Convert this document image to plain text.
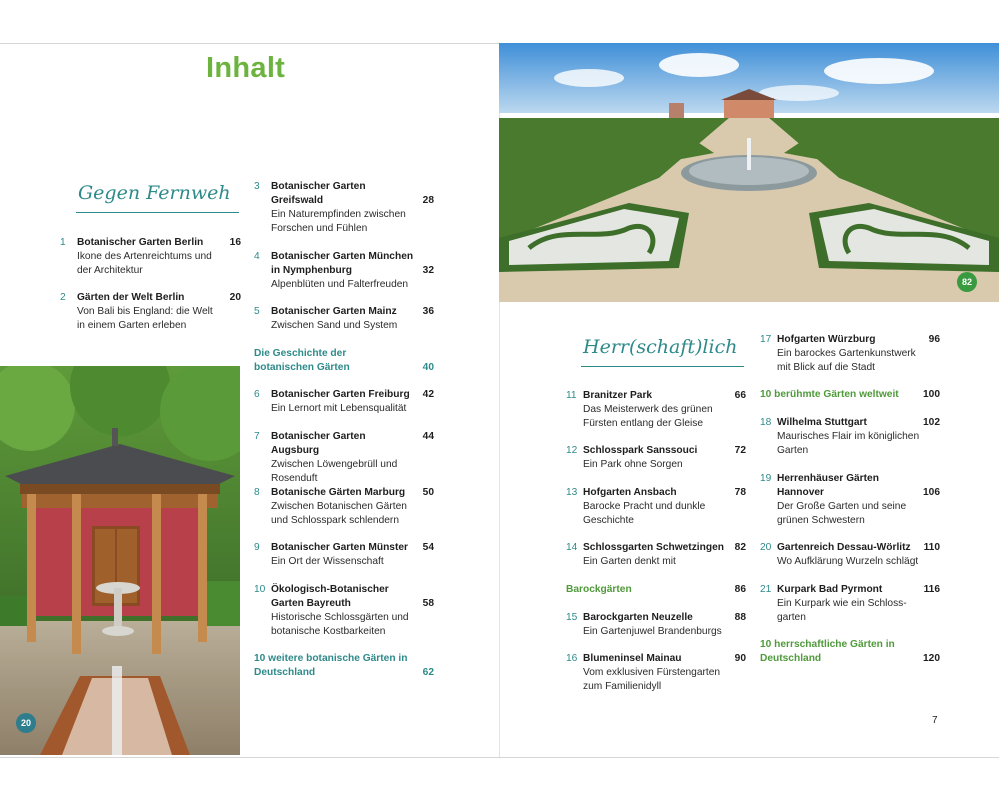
Inhalt

Gegen Fernweh

Herr(schaft)lich

1 Botanischer Garten Berlin
Ikone des Artenreichtums und
der Architektur
16
2 Gärten der Welt Berlin
Von Bali bis England: die Welt
in einem Garten erleben
20
3 Botanischer Garten
Greifswald
Ein Naturempfinden zwischen
Forschen und Fühlen
28
4 Botanischer Garten München
in Nymphenburg
Alpenblüten und Falterfreuden
32
5 Botanischer Garten Mainz
Zwischen Sand und System
36
Die Geschichte der
botanischen Gärten	40
6 Botanischer Garten Freiburg
Ein Lernort mit Lebensqualität
42
7 Botanischer Garten Augsburg
Zwischen Löwengebrüll und
Rosenduft
44
8 Botanische Gärten Marburg
Zwischen Botanischen Gärten
und Schlosspark schlendern
50
9 Botanischer Garten Münster
Ein Ort der Wissenschaft
54
10 Ökologisch-Botanischer
Garten Bayreuth
Historische Schlossgärten und
botanische Kostbarkeiten
58
10 weitere botanische Gärten in
Deutschland	62
11 Branitzer Park
Das Meisterwerk des grünen
Fürsten entlang der Gleise
66
12 Schlosspark Sanssouci
Ein Park ohne Sorgen
72
13 Hofgarten Ansbach
Barocke Pracht und dunkle
Geschichte
78
14 Schlossgarten Schwetzingen
Ein Garten denkt mit
82
Barockgärten	86
15 Barockgarten Neuzelle
Ein Gartenjuwel Brandenburgs
88
16 Blumeninsel Mainau
Vom exklusiven Fürstengarten
zum Familienidyll
90
17 Hofgarten Würzburg
Ein barockes Gartenkunstwerk
mit Blick auf die Stadt
96
10 berühmte Gärten weltweit	100
18 Wilhelma Stuttgart
Maurisches Flair im königlichen
Garten
102
19 Herrenhäuser Gärten
Hannover
Der Große Garten und seine
grünen Schwestern
106
20 Gartenreich Dessau-Wörlitz
Wo Aufklärung Wurzeln schlägt
110
21 Kurpark Bad Pyrmont
Ein Kurpark wie ein Schloss-
garten
116
10 herrschaftliche Gärten in
Deutschland	120
20
82
7
